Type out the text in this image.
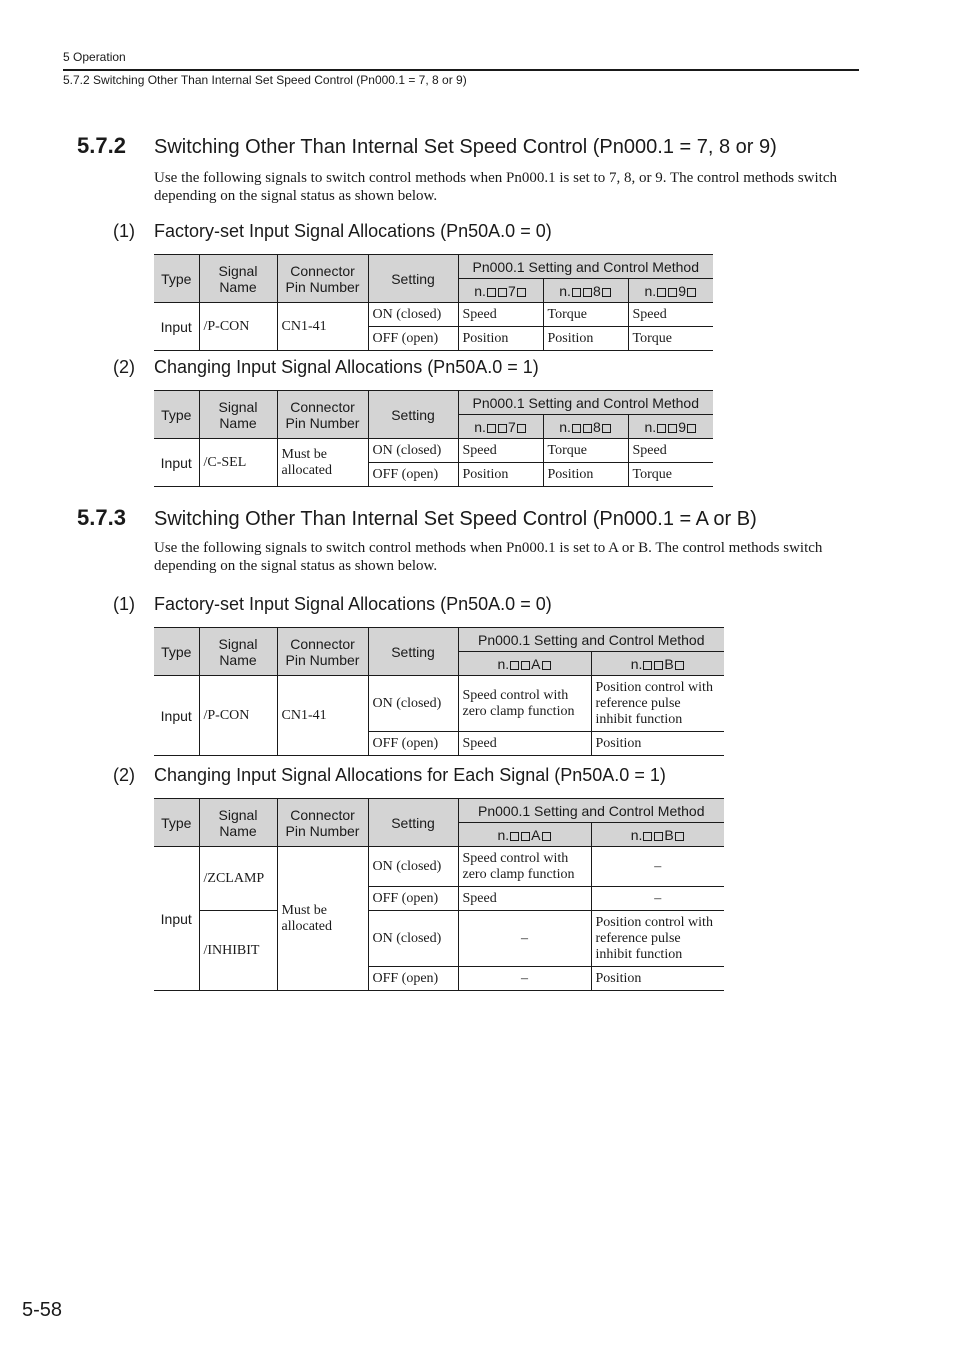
5 Operation
5.7.2 Switching Other Than Internal Set Speed Control (Pn000.1 = 7, 8 or 9)
5.7.2 Switching Other Than Internal Set Speed Control (Pn000.1 = 7, 8 or 9)
Use the following signals to switch control methods when Pn000.1 is set to 7, 8, or 9. The control methods switch depending on the signal status as shown below.
(1) Factory-set Input Signal Allocations (Pn50A.0 = 0)
Type	Signal Name	Connector Pin Number	Setting	Pn000.1 Setting and Control Method		
				n. 7	n. 8	n. 9
Input	/P-CON	CN1-41	ON (closed)	Speed	Torque	Speed
			OFF (open)	Position	Position	Torque
(2) Changing Input Signal Allocations (Pn50A.0 = 1)
Type	Signal Name	Connector Pin Number	Setting	Pn000.1 Setting and Control Method		
				n. 7	n. 8	n. 9
Input	/C-SEL	Must be allocated	ON (closed)	Speed	Torque	Speed
			OFF (open)	Position	Position	Torque
5.7.3 Switching Other Than Internal Set Speed Control (Pn000.1 = A or B)
Use the following signals to switch control methods when Pn000.1 is set to A or B. The control methods switch depending on the signal status as shown below.
(1) Factory-set Input Signal Allocations (Pn50A.0 = 0)
Type	Signal Name	Connector Pin Number	Setting	Pn000.1 Setting and Control Method	
				n. A	n. B
Input	/P-CON	CN1-41	ON (closed)	Speed control with zero clamp function	Position control with reference pulse inhibit function
			OFF (open)	Speed	Position
(2) Changing Input Signal Allocations for Each Signal (Pn50A.0 = 1)
Type	Signal Name	Connector Pin Number	Setting	Pn000.1 Setting and Control Method	
				n. A	n. B
Input	/ZCLAMP	Must be allocated	ON (closed)	Speed control with zero clamp function	–
			OFF (open)	Speed	–
	/INHIBIT		ON (closed)	–	Position control with reference pulse inhibit function
			OFF (open)	–	Position
5-58
